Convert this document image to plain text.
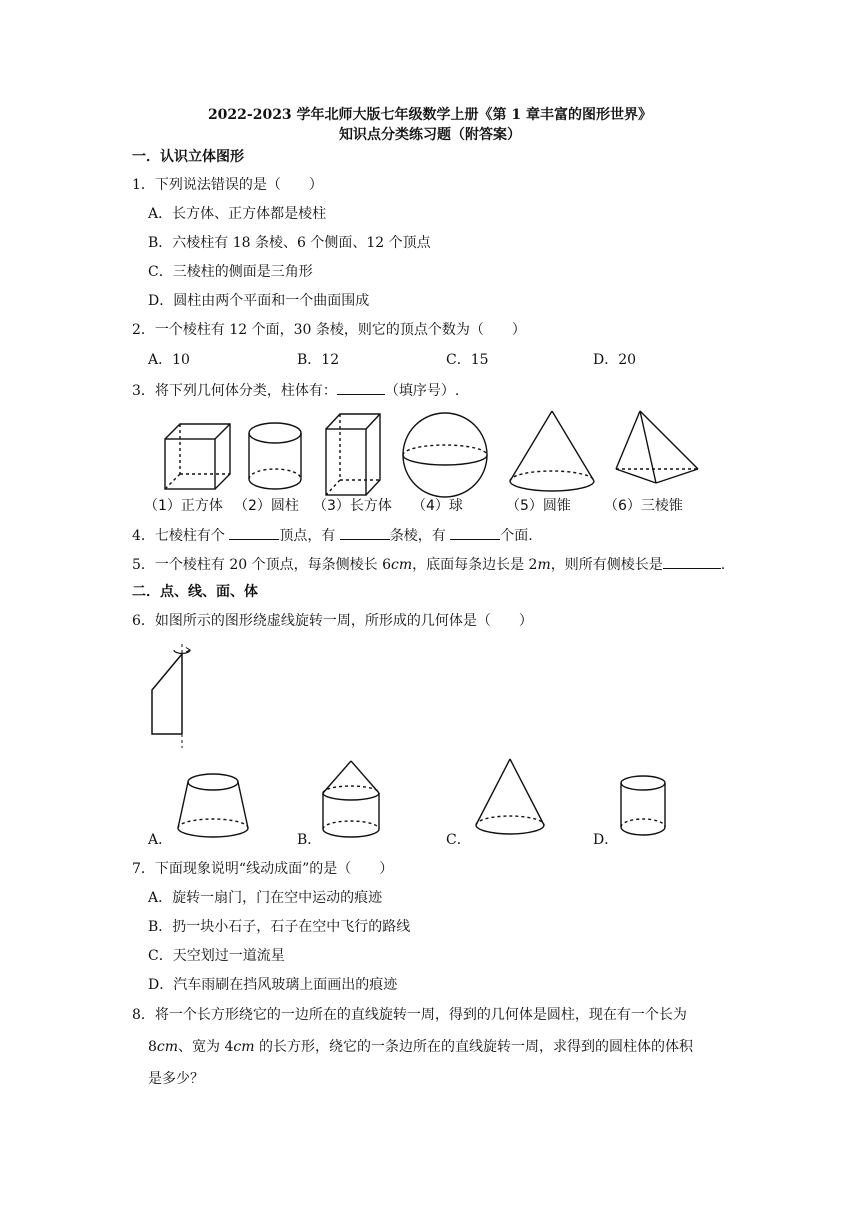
2022-2023 学年北师大版七年级数学上册《第 1 章丰富的图形世界》
知识点分类练习题（附答案）
一．认识立体图形
1．下列说法错误的是（　　）
A．长方体、正方体都是棱柱
B．六棱柱有 18 条棱、6 个侧面、12 个顶点
C．三棱柱的侧面是三角形
D．圆柱由两个平面和一个曲面围成
2．一个棱柱有 12 个面，30 条棱，则它的顶点个数为（　　）
A．10	B．12	C．15	D．20
3．将下列几何体分类，柱体有：	（填序号）.
（1）正方体 （2）圆柱 （3）长方体 （4）球	（5）圆锥 （6）三棱锥
4．七棱柱有个	顶点，有	条棱，有	个面.
5．一个棱柱有 20 个顶点，每条侧棱长 6cm，底面每条边长是 2m，则所有侧棱长是	.
二．点、线、面、体
6．如图所示的图形绕虚线旋转一周，所形成的几何体是（　　）
A．	B．	C．	D．
7．下面现象说明“线动成面”的是（　　）
A．旋转一扇门，门在空中运动的痕迹
B．扔一块小石子，石子在空中飞行的路线
C．天空划过一道流星
D．汽车雨刷在挡风玻璃上面画出的痕迹
8．将一个长方形绕它的一边所在的直线旋转一周，得到的几何体是圆柱，现在有一个长为
8cm、宽为 4cm 的长方形，绕它的一条边所在的直线旋转一周，求得到的圆柱体的体积
是多少？
